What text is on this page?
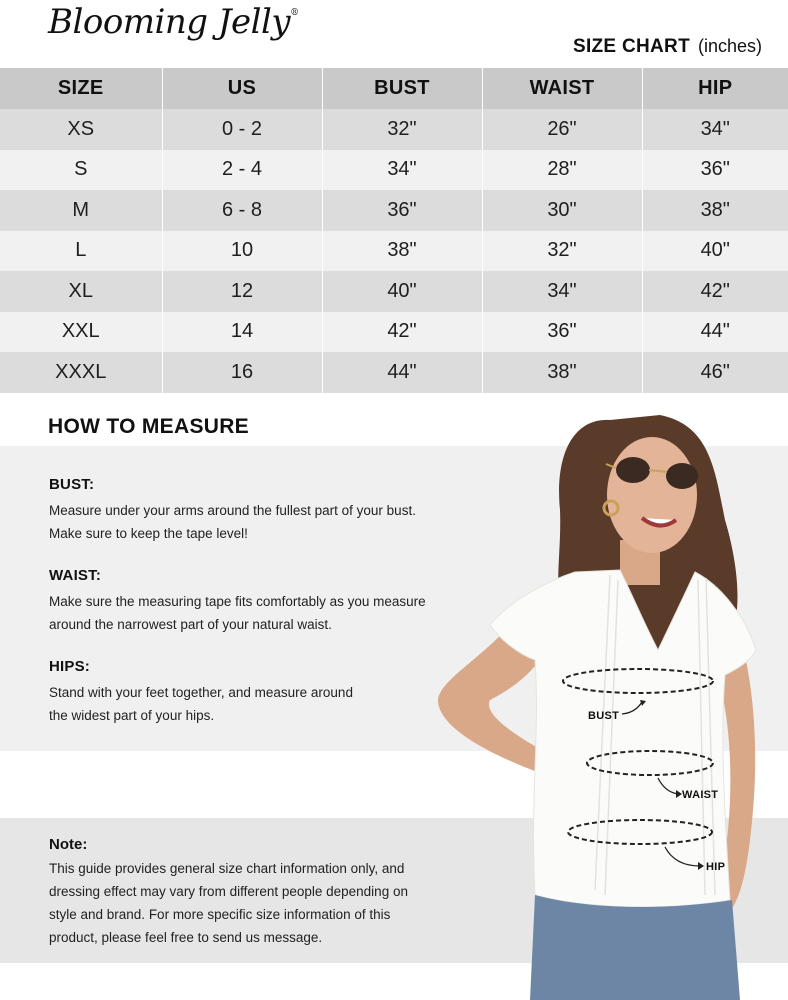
Blooming Jelly®
SIZE CHART (inches)
SIZE	US	BUST	WAIST	HIP
XS	0 - 2	32"	26"	34"
S	2 - 4	34"	28"	36"
M	6 - 8	36"	30"	38"
L	10	38"	32"	40"
XL	12	40"	34"	42"
XXL	14	42"	36"	44"
XXXL	16	44"	38"	46"
HOW TO MEASURE
BUST:

Measure under your arms around the fullest part of your bust.

Make sure to keep the tape level!

WAIST:

Make sure the measuring tape fits comfortably as you measure

around the narrowest part of your natural waist.

HIPS:

Stand with your feet together, and measure around

the widest part of your hips.

Note:

This guide provides general size chart information only, and

dressing effect may vary from different people depending on

style and brand. For more specific size information of this

product, please feel free to send us message.

BUST
WAIST
HIP
